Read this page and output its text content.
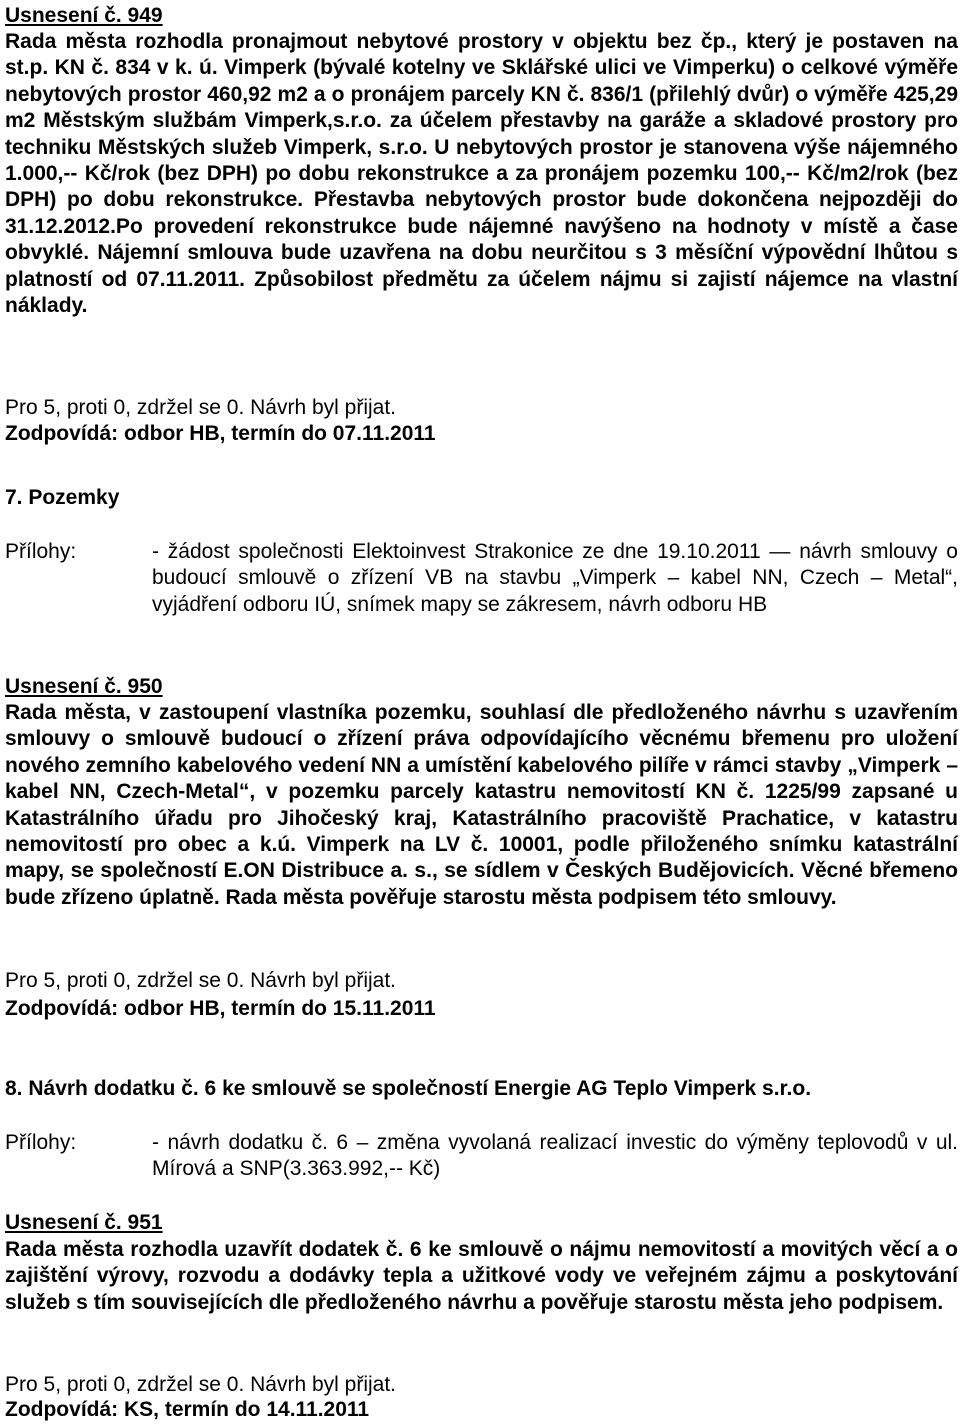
Usnesení č. 949

Rada města rozhodla pronajmout nebytové prostory v objektu bez čp., který je postaven na st.p. KN č. 834 v k. ú. Vimperk (bývalé kotelny ve Sklářské ulici ve Vimperku) o celkové výměře nebytových prostor 460,92 m2 a o pronájem parcely KN č. 836/1 (přilehlý dvůr) o výměře 425,29 m2 Městským službám Vimperk,s.r.o. za účelem přestavby na garáže a skladové prostory pro techniku Městských služeb Vimperk, s.r.o. U nebytových prostor je stanovena výše nájemného 1.000,-- Kč/rok (bez DPH) po dobu rekonstrukce a za pronájem pozemku 100,-- Kč/m2/rok (bez DPH) po dobu rekonstrukce. Přestavba nebytových prostor bude dokončena nejpozději do 31.12.2012.Po provedení rekonstrukce bude nájemné navýšeno na hodnoty v místě a čase obvyklé. Nájemní smlouva bude uzavřena na dobu neurčitou s 3 měsíční výpovědní lhůtou s platností od 07.11.2011. Způsobilost předmětu za účelem nájmu si zajistí nájemce na vlastní náklady.

Pro 5, proti 0, zdržel se 0. Návrh byl přijat.
Zodpovídá: odbor HB, termín do 07.11.2011
7. Pozemky
Přílohy:	- žádost společnosti Elektoinvest Strakonice ze dne 19.10.2011 — návrh smlouvy o budoucí smlouvě o zřízení VB na stavbu „Vimperk – kabel NN, Czech – Metal“, vyjádření odboru IÚ, snímek mapy se zákresem, návrh odboru HB
Usnesení č. 950

Rada města, v zastoupení vlastníka pozemku, souhlasí dle předloženého návrhu s uzavřením smlouvy o smlouvě budoucí o zřízení práva odpovídajícího věcnému břemenu pro uložení nového zemního kabelového vedení NN a umístění kabelového pilíře v rámci stavby „Vimperk – kabel NN, Czech-Metal“, v pozemku parcely katastru nemovitostí KN č. 1225/99 zapsané u Katastrálního úřadu pro Jihočeský kraj, Katastrálního pracoviště Prachatice, v katastru nemovitostí pro obec a k.ú. Vimperk na LV č. 10001, podle přiloženého snímku katastrální mapy, se společností E.ON Distribuce a. s., se sídlem v Českých Budějovicích. Věcné břemeno bude zřízeno úplatně. Rada města pověřuje starostu města podpisem této smlouvy.

Pro 5, proti 0, zdržel se 0. Návrh byl přijat.
Zodpovídá: odbor HB, termín do 15.11.2011
8. Návrh dodatku č. 6 ke smlouvě se společností Energie AG Teplo Vimperk s.r.o.
Přílohy:	- návrh dodatku č. 6 – změna vyvolaná realizací investic do výměny teplovodů v ul. Mírová a SNP(3.363.992,-- Kč)
Usnesení č. 951

Rada města rozhodla uzavřít dodatek č. 6 ke smlouvě o nájmu nemovitostí a movitých věcí a o zajištění výrovy, rozvodu a dodávky tepla a užitkové vody ve veřejném zájmu a poskytování služeb s tím souvisejících dle předloženého návrhu a pověřuje starostu města jeho podpisem.

Pro 5, proti 0, zdržel se 0. Návrh byl přijat.
Zodpovídá: KS, termín do 14.11.2011
